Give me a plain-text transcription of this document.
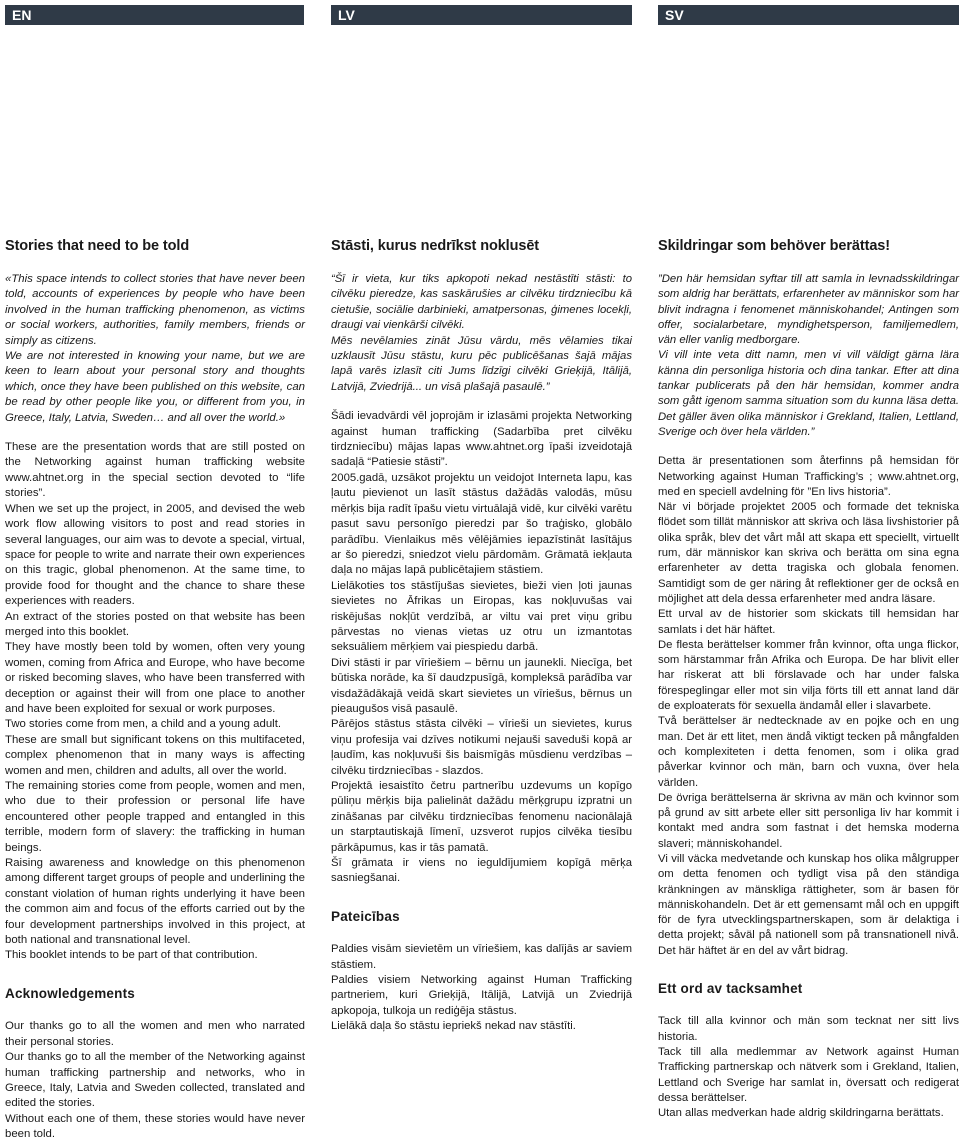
EN
Stories that need to be told

«This space intends to collect stories that have never been told, accounts of experiences by people who have been involved in the human trafficking phenomenon, as victims or social workers, authorities, family members, friends or simply as citizens.

We are not interested in knowing your name, but we are keen to learn about your personal story and thoughts which, once they have been published on this website, can be read by other people like you, or different from you, in Greece, Italy, Latvia, Sweden… and all over the world.»

These are the presentation words that are still posted on the Networking against human trafficking website www.ahtnet.org in the special section devoted to “life stories”.

When we set up the project, in 2005, and devised the web work flow allowing visitors to post and read stories in several languages, our aim was to devote a special, virtual, space for people to write and narrate their own experiences on this tragic, global phenomenon. At the same time, to provide food for thought and the chance to share these experiences with readers.

An extract of the stories posted on that website has been merged into this booklet.

They have mostly been told by women, often very young women, coming from Africa and Europe, who have become or risked becoming slaves, who have been transferred with deception or against their will from one place to another and have been exploited for sexual or work purposes.

Two stories come from men, a child and a young adult.

These are small but significant tokens on this multifaceted, complex phenomenon that in many ways is affecting women and men, children and adults, all over the world.

The remaining stories come from people, women and men, who due to their profession or personal life have encountered other people trapped and entangled in this terrible, modern form of slavery: the trafficking in human beings.

Raising awareness and knowledge on this phenomenon among different target groups of people and underlining the constant violation of human rights underlying it have been the common aim and focus of the efforts carried out by the four development partnerships involved in this project, at both national and transnational level.

This booklet intends to be part of that contribution.

Acknowledgements

Our thanks go to all the women and men who narrated their personal stories.

Our thanks go to all the member of the Networking against human trafficking partnership and networks, who in Greece, Italy, Latvia and Sweden collected, translated and edited the stories.

Without each one of them, these stories would have never been told.

LV
Stāsti, kurus nedrīkst noklusēt

“Šī ir vieta, kur tiks apkopoti nekad nestāstīti stāsti: to cilvēku pieredze, kas saskārušies ar cilvēku tirdzniecību kā cietušie, sociālie darbinieki, amatpersonas, ģimenes locekļi, draugi vai vienkārši cilvēki.

Mēs nevēlamies zināt Jūsu vārdu, mēs vēlamies tikai uzklausīt Jūsu stāstu, kuru pēc publicēšanas šajā mājas lapā varēs izlasīt citi Jums līdzīgi cilvēki Grieķijā, Itālijā, Latvijā, Zviedrijā... un visā plašajā pasaulē.”

Šādi ievadvārdi vēl joprojām ir izlasāmi projekta Networking against human trafficking (Sadarbība pret cilvēku tirdzniecību) mājas lapas www.ahtnet.org īpaši izveidotajā sadaļā “Patiesie stāsti”.

2005.gadā, uzsākot projektu un veidojot Interneta lapu, kas ļautu pievienot un lasīt stāstus dažādās valodās, mūsu mērķis bija radīt īpašu vietu virtuālajā vidē, kur cilvēki varētu pasut savu personīgo pieredzi par šo traģisko, globālo parādību. Vienlaikus mēs vēlējāmies iepazīstināt lasītājus ar šo pieredzi, sniedzot vielu pārdomām. Grāmatā iekļauta daļa no mājas lapā publicētajiem stāstiem.

Lielākoties tos stāstījušas sievietes, bieži vien ļoti jaunas sievietes no Āfrikas un Eiropas, kas nokļuvušas vai riskējušas nokļūt verdzībā, ar viltu vai pret viņu gribu pārvestas no vienas vietas uz otru un izmantotas seksuāliem mērķiem vai piespiedu darbā.

Divi stāsti ir par vīriešiem – bērnu un jaunekli. Niecīga, bet būtiska norāde, ka šī daudzpusīgā, kompleksā parādība var visdažādākajā veidā skart sievietes un vīriešus, bērnus un pieaugušos visā pasaulē.

Pārējos stāstus stāsta cilvēki – vīrieši un sievietes, kurus viņu profesija vai dzīves notikumi nejauši saveduši kopā ar ļaudīm, kas nokļuvuši šis baismīgās mūsdienu verdzības – cilvēku tirdzniecības - slazdos.

Projektā iesaistīto četru partnerību uzdevums un kopīgo pūliņu mērķis bija palielināt dažādu mērķgrupu izpratni un zināšanas par cilvēku tirdzniecības fenomenu nacionālajā un starptautiskajā līmenī, uzsverot rupjos cilvēka tiesību pārkāpumus, kas ir tās pamatā.

Šī grāmata ir viens no ieguldījumiem kopīgā mērķa sasniegšanai.

Pateicības

Paldies visām sievietēm un vīriešiem, kas dalījās ar saviem stāstiem.

Paldies visiem Networking against Human Trafficking partneriem, kuri Grieķijā, Itālijā, Latvijā un Zviedrijā apkopoja, tulkoja un rediģēja stāstus.

Lielākā daļa šo stāstu iepriekš nekad nav stāstīti.

SV
Skildringar som behöver berättas!

”Den här hemsidan syftar till att samla in levnadsskildringar som aldrig har berättats, erfarenheter av människor som har blivit indragna i fenomenet människohandel; Antingen som offer, socialarbetare, myndighetsperson, familjemedlem, vän eller vanlig medborgare.

Vi vill inte veta ditt namn, men vi vill väldigt gärna lära känna din personliga historia och dina tankar. Efter att dina tankar publicerats på den här hemsidan, kommer andra som gått igenom samma situation som du kunna läsa detta. Det gäller även olika människor i Grekland, Italien, Lettland, Sverige och över hela världen.”

Detta är presentationen som återfinns på hemsidan för Networking against Human Trafficking’s ; www.ahtnet.org, med en speciell avdelning för ”En livs historia”.

När vi började projektet 2005 och formade det tekniska flödet som tillät människor att skriva och läsa livshistorier på olika språk, blev det vårt mål att skapa ett speciellt, virtuellt rum, där människor kan skriva och berätta om sina egna erfarenheter av detta tragiska och globala fenomen. Samtidigt som de ger näring åt reflektioner ger de också en möjlighet att dela dessa erfarenheter med andra läsare.

Ett urval av de historier som skickats till hemsidan har samlats i det här häftet.

De flesta berättelser kommer från kvinnor, ofta unga flickor, som härstammar från Afrika och Europa. De har blivit eller har riskerat att bli förslavade och har under falska förespeglingar eller mot sin vilja förts till ett annat land där de exploaterats för sexuella ändamål eller i slavarbete.

Två berättelser är nedtecknade av en pojke och en ung man. Det är ett litet, men ändå viktigt tecken på mångfalden och komplexiteten i detta fenomen, som i olika grad påverkar kvinnor och män, barn och vuxna, över hela världen.

De övriga berättelserna är skrivna av män och kvinnor som på grund av sitt arbete eller sitt personliga liv har kommit i kontakt med andra som fastnat i det hemska moderna slaveri; människohandel.

Vi vill väcka medvetande och kunskap hos olika målgrupper om detta fenomen och tydligt visa på den ständiga kränkningen av mänskliga rättigheter, som är basen för människohandeln. Det är ett gemensamt mål och en uppgift för de fyra utvecklingspartnerskapen, som är delaktiga i detta projekt; såväl på nationell som på transnationell nivå. Det här häftet är en del av vårt bidrag.

Ett ord av tacksamhet

Tack till alla kvinnor och män som tecknat ner sitt livs historia.

Tack till alla medlemmar av Network against Human Trafficking partnerskap och nätverk som i Grekland, Italien, Lettland och Sverige har samlat in, översatt och redigerat dessa berättelser.

Utan allas medverkan hade aldrig skildringarna berättats.
